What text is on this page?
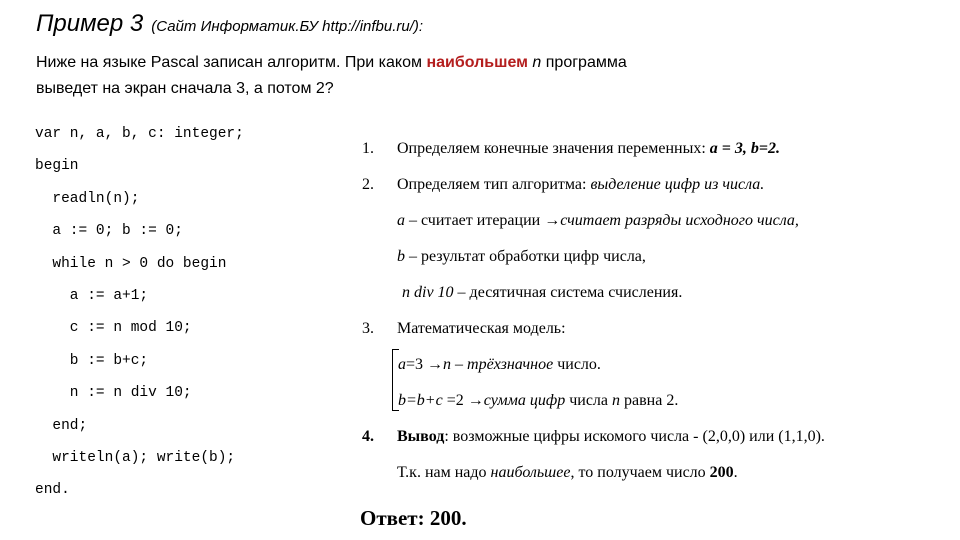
Пример 3 (Сайт Информатик.БУ http://infbu.ru/):
Ниже на языке Pascal записан алгоритм. При каком наибольшем n программа
выведет на экран сначала 3, а потом 2?
var n, a, b, c: integer;
begin
readln(n);
a := 0; b := 0;
while n > 0 do begin
a := a+1;
c := n mod 10;
b := b+c;
n := n div 10;
end;
writeln(a); write(b);
end.
1. Определяем конечные значения переменных: a = 3, b=2.
2. Определяем тип алгоритма: выделение цифр из числа.
а – считает итерации →считает разряды исходного числа,
b – результат обработки цифр числа,
n div 10 – десятичная система счисления.
3. Математическая модель:
a=3 →n – трёхзначное число.
b=b+c =2 →сумма цифр числа n равна 2.
4. Вывод: возможные цифры искомого числа - (2,0,0) или (1,1,0).
Т.к. нам надо наибольшее, то получаем число 200.
Ответ: 200.
